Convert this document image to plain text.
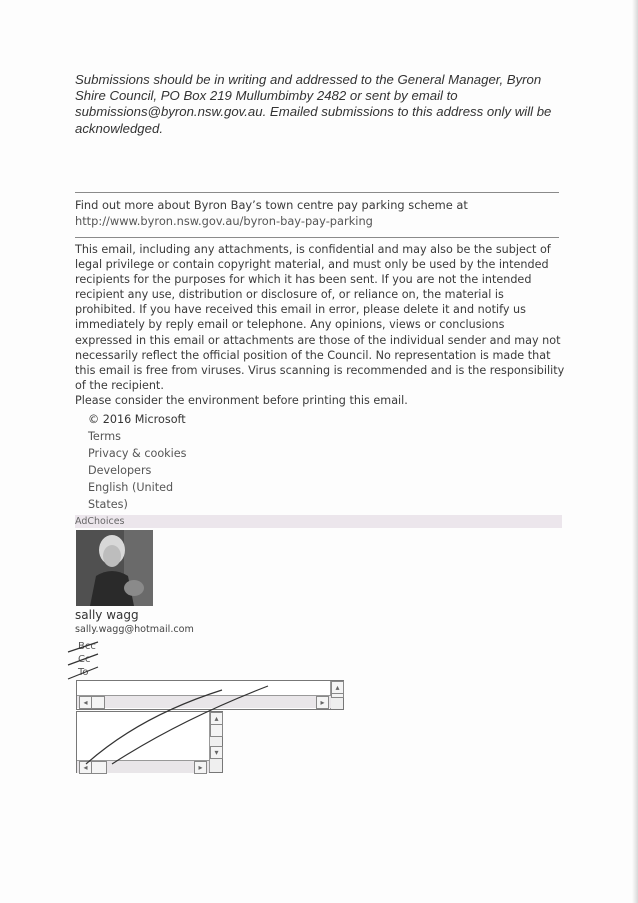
Submissions should be in writing and addressed to the General Manager, Byron Shire Council, PO Box 219 Mullumbimby 2482 or sent by email to submissions@byron.nsw.gov.au. Emailed submissions to this address only will be acknowledged.
Find out more about Byron Bay’s town centre pay parking scheme at
http://www.byron.nsw.gov.au/byron-bay-pay-parking

This email, including any attachments, is confidential and may also be the subject of legal privilege or contain copyright material, and must only be used by the intended recipients for the purposes for which it has been sent. If you are not the intended recipient any use, distribution or disclosure of, or reliance on, the material is prohibited. If you have received this email in error, please delete it and notify us immediately by reply email or telephone. Any opinions, views or conclusions expressed in this email or attachments are those of the individual sender and may not necessarily reflect the official position of the Council. No representation is made that this email is free from viruses. Virus scanning is recommended and is the responsibility of the recipient.

Please consider the environment before printing this email.

© 2016 Microsoft
Terms
Privacy & cookies
Developers
English (United States)
AdChoices
sally wagg
sally.wagg@hotmail.com
Bcc
Cc
To
▴
◂	▸
▴
▾
◂	▸
